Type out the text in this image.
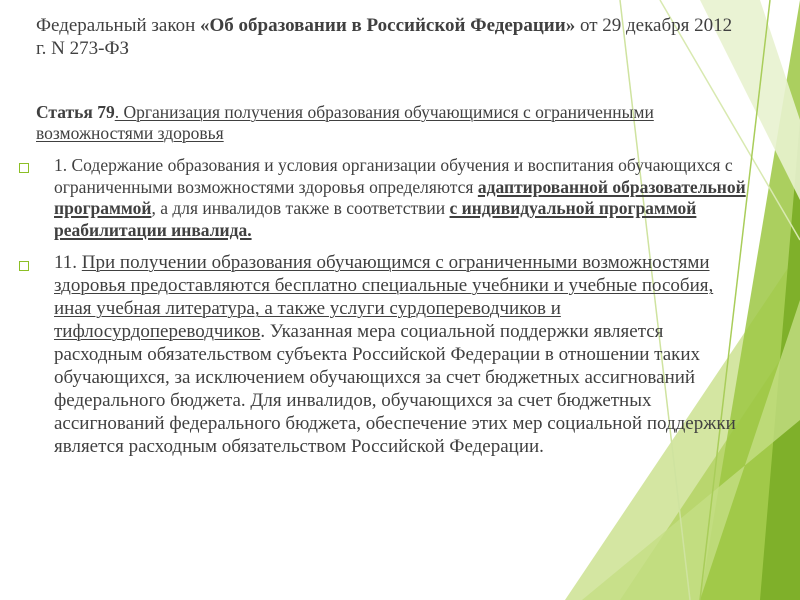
Федеральный закон «Об образовании в Российской Федерации» от 29 декабря 2012 г. N 273-ФЗ
Статья 79. Организация получения образования обучающимися с ограниченными возможностями здоровья
1. Содержание образования и условия организации обучения и воспитания обучающихся с ограниченными возможностями здоровья определяются адаптированной образовательной программой, а для инвалидов также в соответствии с индивидуальной программой реабилитации инвалида.
11. При получении образования обучающимся с ограниченными возможностями здоровья предоставляются бесплатно специальные учебники и учебные пособия, иная учебная литература, а также услуги сурдопереводчиков и тифлосурдопереводчиков. Указанная мера социальной поддержки является расходным обязательством субъекта Российской Федерации в отношении таких обучающихся, за исключением обучающихся за счет бюджетных ассигнований федерального бюджета. Для инвалидов, обучающихся за счет бюджетных ассигнований федерального бюджета, обеспечение этих мер социальной поддержки является расходным обязательством Российской Федерации.
